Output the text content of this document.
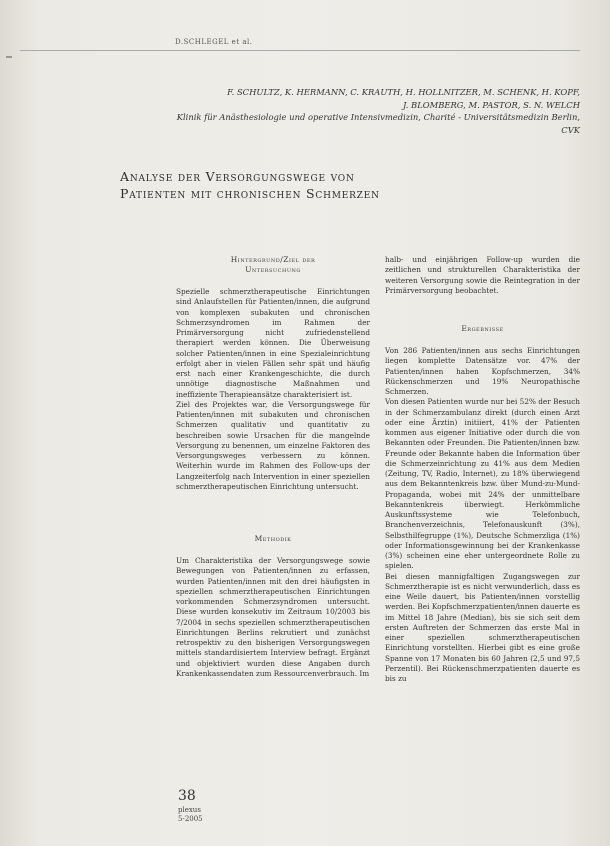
D.SCHLEGEL et al.
F. SCHULTZ, K. HERMANN, C. KRAUTH, H. HOLLNITZER, M. SCHENK, H. KOPF,
J. BLOMBERG, M. PASTOR, S. N. WELCH
Klinik für Anästhesiologie und operative Intensivmedizin, Charité - Universitätsmedizin Berlin,
CVK
Analyse der Versorgungswege von
Patienten mit chronischen Schmerzen
Hintergrund/Ziel der
Untersuchung

Spezielle schmerztherapeutische Einrichtungen sind Anlaufstellen für Patienten/innen, die aufgrund von komplexen subakuten und chronischen Schmerzsyndromen im Rahmen der Primärversorgung nicht zufriedenstellend therapiert werden können. Die Überweisung solcher Patienten/innen in eine Spezialeinrichtung erfolgt aber in vielen Fällen sehr spät und häufig erst nach einer Krankengeschichte, die durch unnötige diagnostische Maßnahmen und ineffiziente Therapieansätze charakterisiert ist.

Ziel des Projektes war, die Versorgungswege für Patienten/innen mit subakuten und chronischen Schmerzen qualitativ und quantitativ zu beschreiben sowie Ursachen für die mangelnde Versorgung zu benennen, um einzelne Faktoren des Versorgungsweges verbessern zu können. Weiterhin wurde im Rahmen des Follow-ups der Langzeiterfolg nach Intervention in einer speziellen schmerztherapeutischen Einrichtung untersucht.

Methodik

Um Charakteristika der Versorgungswege sowie Bewegungen von Patienten/innen zu erfassen, wurden Patienten/innen mit den drei häufigsten in speziellen schmerztherapeutischen Einrichtungen vorkommenden Schmerzsyndromen untersucht. Diese wurden konsekutiv im Zeitraum 10/2003 bis 7/2004 in sechs speziellen schmerztherapeutischen Einrichtungen Berlins rekrutiert und zunächst retrospektiv zu den bisherigen Versorgungswegen mittels standardisiertem Interview befragt. Ergänzt und objektiviert wurden diese Angaben durch Krankenkassendaten zum Ressourcenverbrauch. Im

halb- und einjährigen Follow-up wurden die zeitlichen und strukturellen Charakteristika der weiteren Versorgung sowie die Reintegration in der Primärversorgung beobachtet.

Ergebnisse

Von 286 Patienten/innen aus sechs Einrichtungen liegen komplette Datensätze vor. 47% der Patienten/innen haben Kopfschmerzen, 34% Rückenschmerzen und 19% Neuropathische Schmerzen.

Von diesen Patienten wurde nur bei 52% der Besuch in der Schmerzambulanz direkt (durch einen Arzt oder eine Ärztin) initiiert, 41% der Patienten kommen aus eigener Initiative oder durch die von Bekannten oder Freunden. Die Patienten/innen bzw. Freunde oder Bekannte haben die Information über die Schmerzeinrichtung zu 41% aus dem Medien (Zeitung, TV, Radio, Internet), zu 18% überwiegend aus dem Bekanntenkreis bzw. über Mund-zu-Mund-Propaganda, wobei mit 24% der unmittelbare Bekanntenkreis überwiegt. Herkömmliche Auskunftssysteme wie Telefonbuch, Branchenverzeichnis, Telefonauskunft (3%), Selbsthilfegruppe (1%), Deutsche Schmerzliga (1%) oder Informationsgewinnung bei der Krankenkasse (3%) scheinen eine eher untergeordnete Rolle zu spielen.

Bei diesen mannigfaltigen Zugangswegen zur Schmerztherapie ist es nicht verwunderlich, dass es eine Weile dauert, bis Patienten/innen vorstellig werden. Bei Kopfschmerzpatienten/innen dauerte es im Mittel 18 Jahre (Median), bis sie sich seit dem ersten Auftreten der Schmerzen das erste Mal in einer speziellen schmerztherapeutischen Einrichtung vorstellten. Hierbei gibt es eine große Spanne von 17 Monaten bis 60 Jahren (2,5 und 97,5 Perzentil). Bei Rückenschmerzpatienten dauerte es bis zu

38
plexus
5-2005
